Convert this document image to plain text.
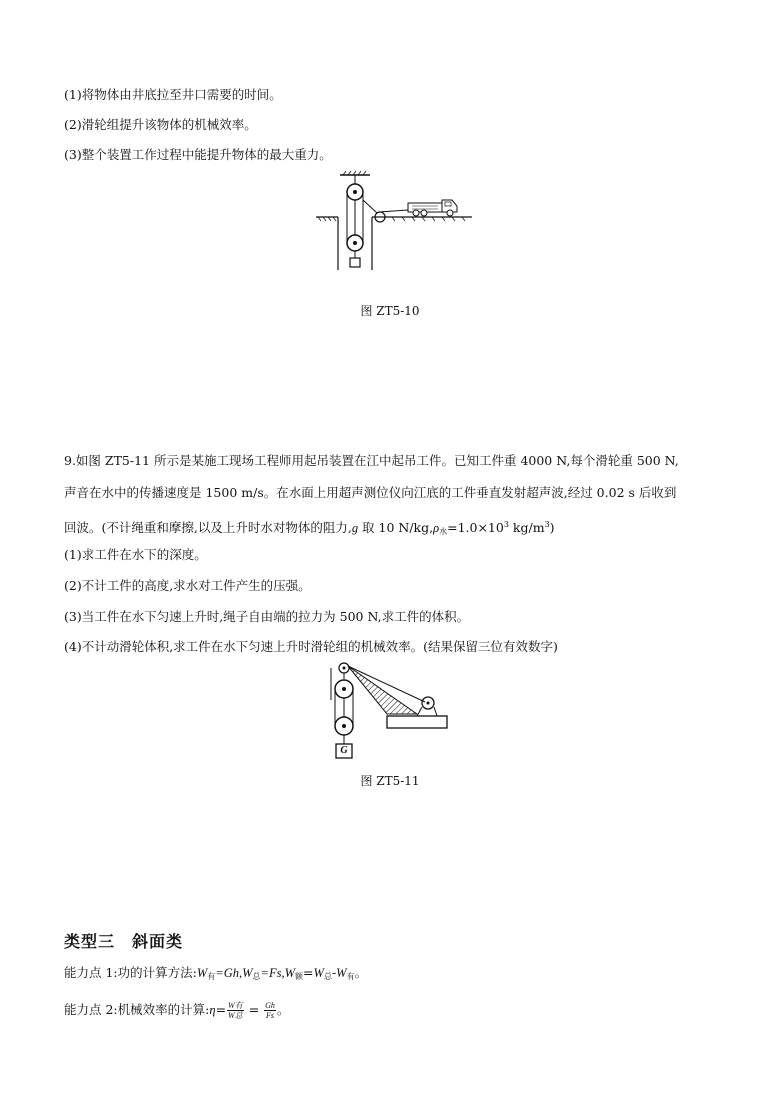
(1)将物体由井底拉至井口需要的时间。
(2)滑轮组提升该物体的机械效率。
(3)整个装置工作过程中能提升物体的最大重力。
图 ZT5-10
9.如图 ZT5-11 所示是某施工现场工程师用起吊装置在江中起吊工件。已知工件重 4000 N,每个滑轮重 500 N,
声音在水中的传播速度是 1500 m/s。在水面上用超声测位仪向江底的工件垂直发射超声波,经过 0.02 s 后收到
回波。(不计绳重和摩擦,以及上升时水对物体的阻力,g 取 10 $N/kg,\rho_水=1.0\times 10^3$ $kg/m^3$)
(1)求工件在水下的深度。
(2)不计工件的高度,求水对工件产生的压强。
(3)当工件在水下匀速上升时,绳子自由端的拉力为 500 N,求工件的体积。
(4)不计动滑轮体积,求工件在水下匀速上升时滑轮组的机械效率。(结果保留三位有效数字)
G
图 ZT5-11
类型三　斜面类
能力点 1:功的计算方法$:W_有=Gh,W_总=Fs,W_额=W_总-W_有$。
能力点 2:机械效率的计算:η= $\frac{\text{W有}}{\text{W总}} = \frac{Gh}{Fs}$ 。
